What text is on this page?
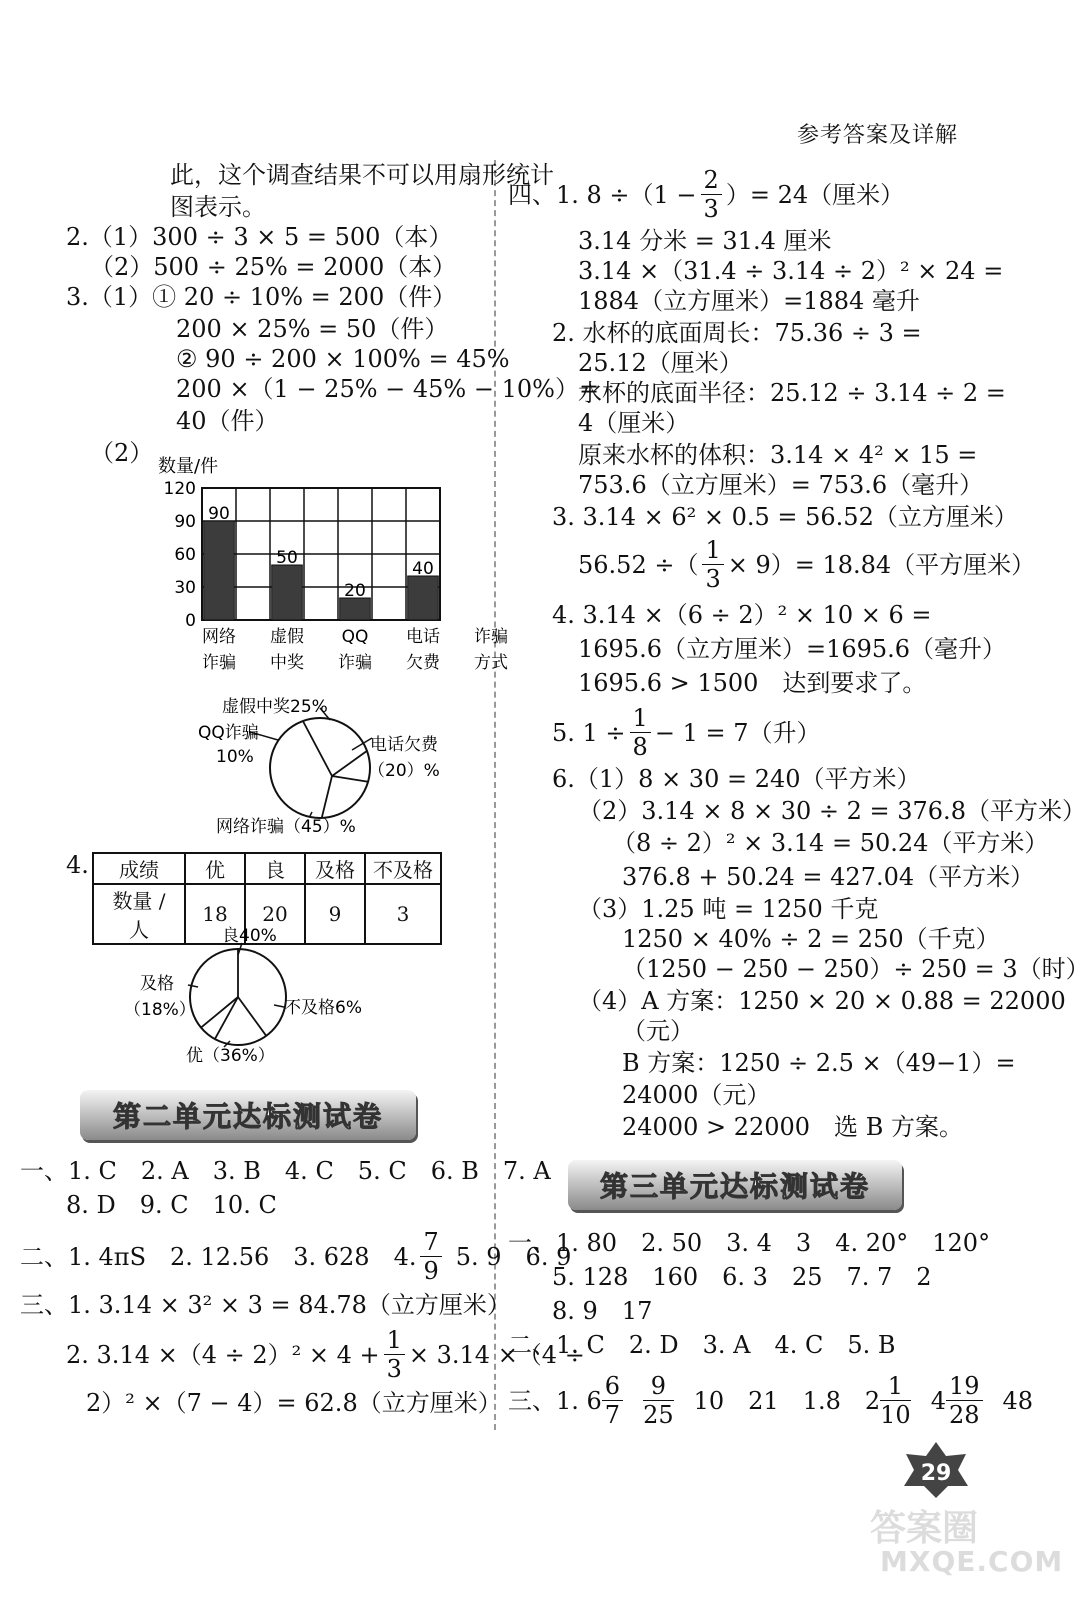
参考答案及详解
此，这个调查结果不可以用扇形统计
图表示。
2.（1）300 ÷ 3 × 5 = 500（本）
（2）500 ÷ 25% = 2000（本）
3.（1）① 20 ÷ 10% = 200（件）
200 × 25% = 50（件）
② 90 ÷ 200 × 100% = 45%
200 ×（1 − 25% − 45% − 10%）=
40（件）
（2） 数量/件
120
90
60
30
0
90
50
20
40
网络
诈骗
虚假
中奖
QQ
诈骗
电话
欠费
诈骗
方式
虚假中奖25%
QQ诈骗
10%
电话欠费
（20）%
网络诈骗（45）%
4. 成绩	优	良	及格	不及格
数量 / 人	18	20	9	3
良40%
及格
（18%）	不及格6%
优（36%）
第二单元达标测试卷
一、1. C　2. A　3. B　4. C　5. C　6. B　7. A
8. D　9. C　10. C
二、1. 4πS　2. 12.56　3. 628　4. $\frac{7}{9} 5$. 9　6. 9
三、1. 3.14 × 3² × 3 = 84.78（立方厘米）
2. $3.14 \times(4 \div 2)^2 \times 4 + \frac{1}{3} \times 3.14 \times(4$ ÷
2）² ×（7 − 4）= 62.8（立方厘米）
四、1. $8 \div(1 - \frac{2}{3}$ ）= 24（厘米）
3.14 分米 = 31.4 厘米
3.14 ×（31.4 ÷ 3.14 ÷ 2）² × 24 =
1884（立方厘米）=1884 毫升
2. 水杯的底面周长：75.36 ÷ 3 =
25.12（厘米）
水杯的底面半径：25.12 ÷ 3.14 ÷ 2 =
4（厘米）
原来水杯的体积：3.14 × 4² × 15 =
753.6（立方厘米）= 753.6（毫升）
3. 3.14 × 6² × 0.5 = 56.52（立方厘米）
56.52 ÷（ $\frac{1}{3} \times 9)= 18.84$（平方厘米）
4. 3.14 ×（6 ÷ 2）² × 10 × 6 =
1695.6（立方厘米）=1695.6（毫升）
1695.6 > 1500　达到要求了。
5. $1 \div \frac{1}{8} - 1 = 7$（升）
6.（1）8 × 30 = 240（平方米）
（2）3.14 × 8 × 30 ÷ 2 = 376.8（平方米）
（8 ÷ 2）² × 3.14 = 50.24（平方米）
376.8 + 50.24 = 427.04（平方米）
（3）1.25 吨 = 1250 千克
1250 × 40% ÷ 2 = 250（千克）
（1250 − 250 − 250）÷ 250 = 3（时）
（4）A 方案：1250 × 20 × 0.88 = 22000
（元）
B 方案：1250 ÷ 2.5 ×（49−1）=
24000（元）
24000 > 22000　选 B 方案。
第三单元达标测试卷
一、1. 80　2. 50　3. 4　3　4. 20°　120°
5. 128　160　6. 3　25　7. 7　2
8. 9　17
二、1. C　2. D　3. A　4. C　5. B
三、1. $6 \frac{6}{7} \frac{9}{25} 10$　21　1.8　$2 \frac{1}{10} 4 \frac{19}{28} 48$
29
答案圈
MXQE.COM
